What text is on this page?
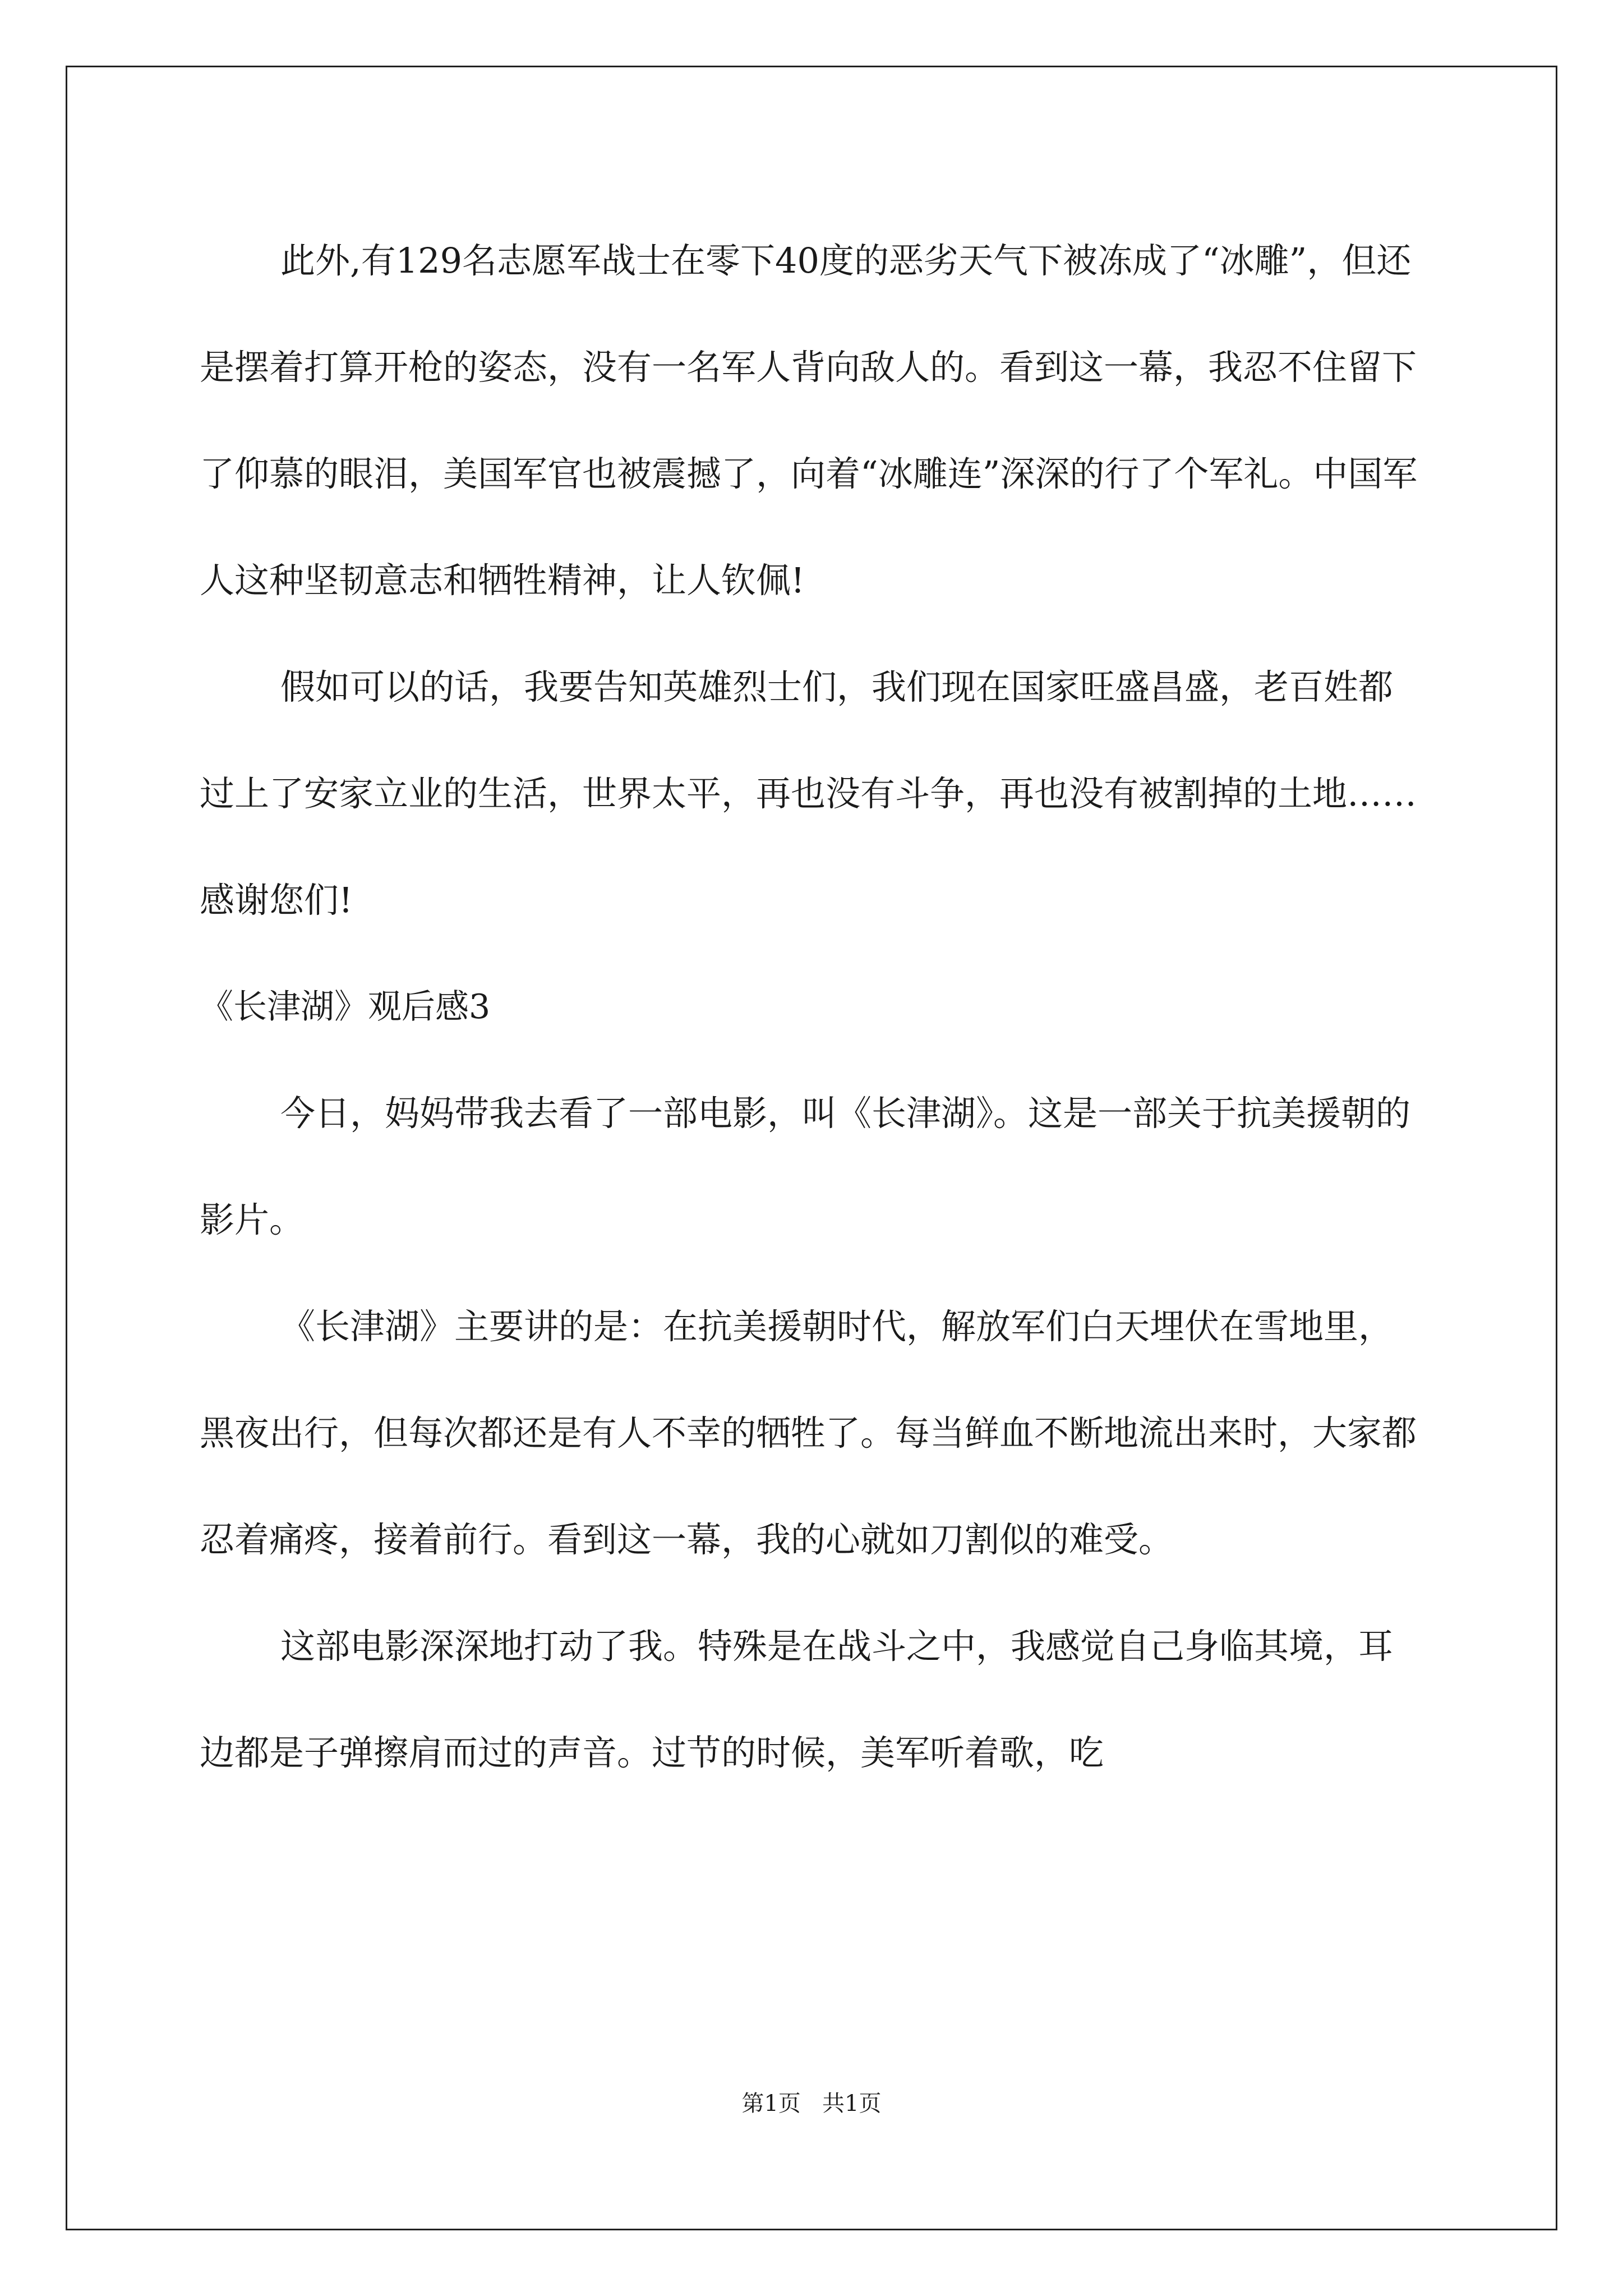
此外,有129名志愿军战士在零下40度的恶劣天气下被冻成了“冰雕”，但还是摆着打算开枪的姿态，没有一名军人背向敌人的。看到这一幕，我忍不住留下了仰慕的眼泪，美国军官也被震撼了，向着“冰雕连”深深的行了个军礼。中国军人这种坚韧意志和牺牲精神，让人钦佩!

假如可以的话，我要告知英雄烈士们，我们现在国家旺盛昌盛，老百姓都过上了安家立业的生活，世界太平，再也没有斗争，再也没有被割掉的土地……感谢您们!

《长津湖》观后感3

今日，妈妈带我去看了一部电影，叫《长津湖》。这是一部关于抗美援朝的影片。

《长津湖》主要讲的是：在抗美援朝时代，解放军们白天埋伏在雪地里，黑夜出行，但每次都还是有人不幸的牺牲了。每当鲜血不断地流出来时，大家都忍着痛疼，接着前行。看到这一幕，我的心就如刀割似的难受。

这部电影深深地打动了我。特殊是在战斗之中，我感觉自己身临其境，耳边都是子弹擦肩而过的声音。过节的时候，美军听着歌，吃

第1页   共1页
